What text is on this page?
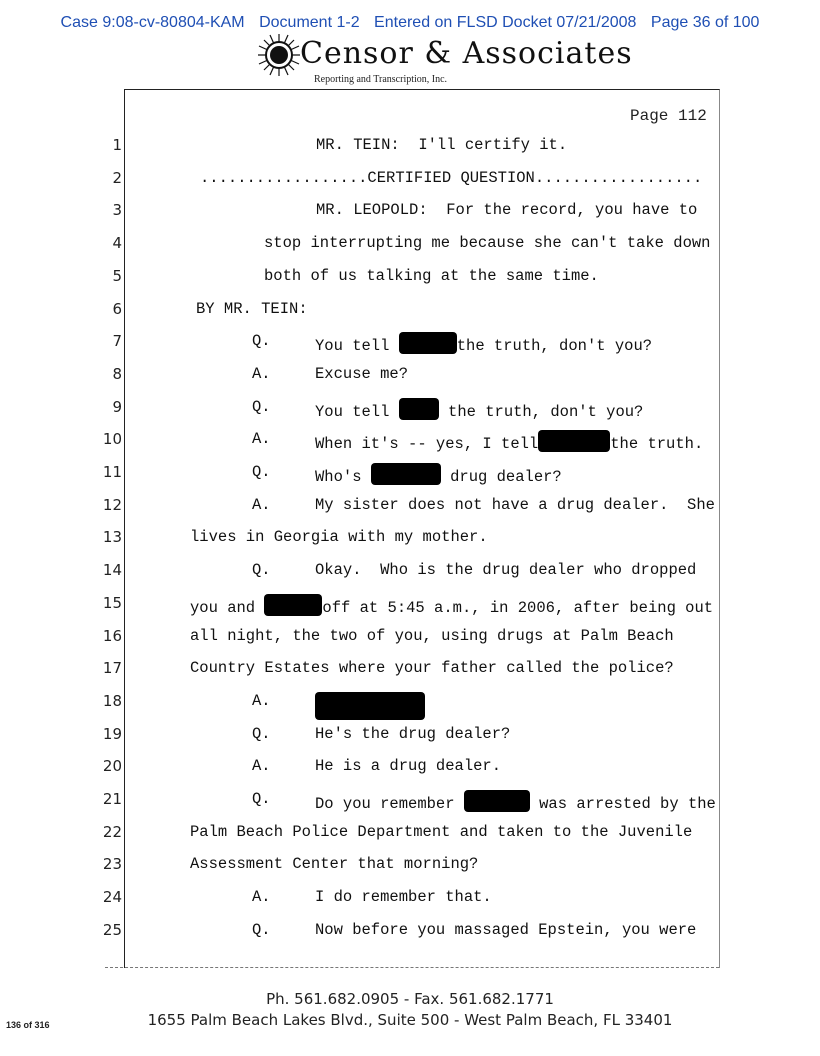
Case 9:08-cv-80804-KAM Document 1-2 Entered on FLSD Docket 07/21/2008 Page 36 of 100
Censor & Associates
Reporting and Transcription, Inc.
Page 112
1	MR. TEIN:  I'll certify it.
2	..................CERTIFIED QUESTION..................
3	MR. LEOPOLD:  For the record, you have to
4	stop interrupting me because she can't take down
5	both of us talking at the same time.
6	BY MR. TEIN:
7	Q.	You tell	the truth, don't you?
8	A.	Excuse me?
9	Q.	You tell	the truth, don't you?
10	A.	When it's -- yes, I tell	the truth.
11	Q.	Who's	drug dealer?
12	A.	My sister does not have a drug dealer.  She
13	lives in Georgia with my mother.
14	Q.	Okay.  Who is the drug dealer who dropped
15	you and	off at 5:45 a.m., in 2006, after being out
16	all night, the two of you, using drugs at Palm Beach
17	Country Estates where your father called the police?
18	A.
19	Q.	He's the drug dealer?
20	A.	He is a drug dealer.
21	Q.	Do you remember	was arrested by the
22	Palm Beach Police Department and taken to the Juvenile
23	Assessment Center that morning?
24	A.	I do remember that.
25	Q.	Now before you massaged Epstein, you were
Ph. 561.682.0905 - Fax. 561.682.1771
1655 Palm Beach Lakes Blvd., Suite 500 - West Palm Beach, FL 33401
136 of 316
